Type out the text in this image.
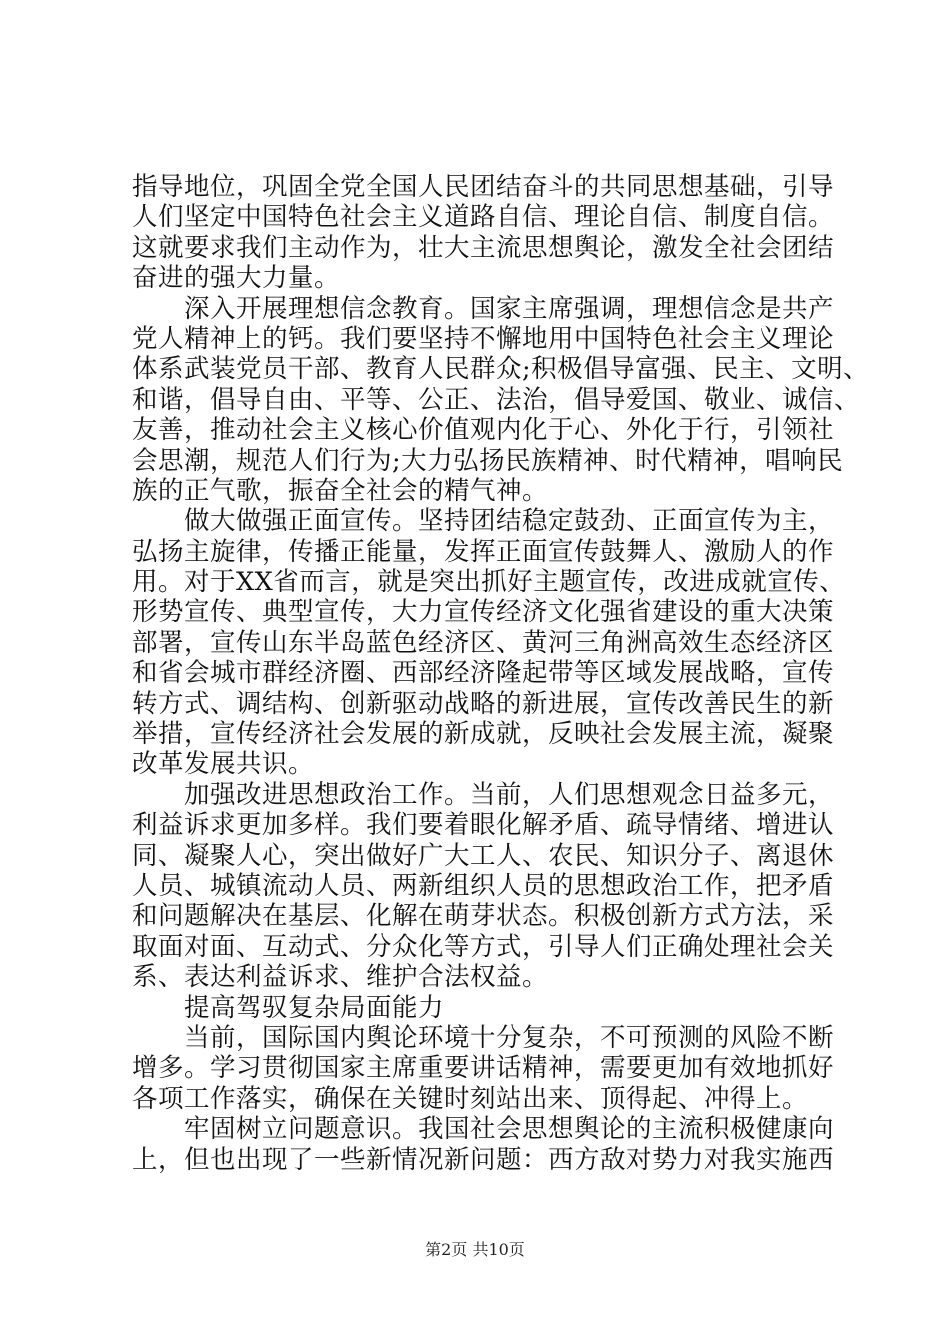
指导地位，巩固全党全国人民团结奋斗的共同思想基础，引导
人们坚定中国特色社会主义道路自信、理论自信、制度自信。
这就要求我们主动作为，壮大主流思想舆论，激发全社会团结
奋进的强大力量。
　　深入开展理想信念教育。国家主席强调，理想信念是共产
党人精神上的钙。我们要坚持不懈地用中国特色社会主义理论
体系武装党员干部、教育人民群众;积极倡导富强、民主、文明、
和谐，倡导自由、平等、公正、法治，倡导爱国、敬业、诚信、
友善，推动社会主义核心价值观内化于心、外化于行，引领社
会思潮，规范人们行为;大力弘扬民族精神、时代精神，唱响民
族的正气歌，振奋全社会的精气神。
　　做大做强正面宣传。坚持团结稳定鼓劲、正面宣传为主，
弘扬主旋律，传播正能量，发挥正面宣传鼓舞人、激励人的作
用。对于XX省而言，就是突出抓好主题宣传，改进成就宣传、
形势宣传、典型宣传，大力宣传经济文化强省建设的重大决策
部署，宣传山东半岛蓝色经济区、黄河三角洲高效生态经济区
和省会城市群经济圈、西部经济隆起带等区域发展战略，宣传
转方式、调结构、创新驱动战略的新进展，宣传改善民生的新
举措，宣传经济社会发展的新成就，反映社会发展主流，凝聚
改革发展共识。
　　加强改进思想政治工作。当前，人们思想观念日益多元，
利益诉求更加多样。我们要着眼化解矛盾、疏导情绪、增进认
同、凝聚人心，突出做好广大工人、农民、知识分子、离退休
人员、城镇流动人员、两新组织人员的思想政治工作，把矛盾
和问题解决在基层、化解在萌芽状态。积极创新方式方法，采
取面对面、互动式、分众化等方式，引导人们正确处理社会关
系、表达利益诉求、维护合法权益。
　　提高驾驭复杂局面能力
　　当前，国际国内舆论环境十分复杂，不可预测的风险不断
增多。学习贯彻国家主席重要讲话精神，需要更加有效地抓好
各项工作落实，确保在关键时刻站出来、顶得起、冲得上。
　　牢固树立问题意识。我国社会思想舆论的主流积极健康向
上，但也出现了一些新情况新问题：西方敌对势力对我实施西
第2页 共10页
